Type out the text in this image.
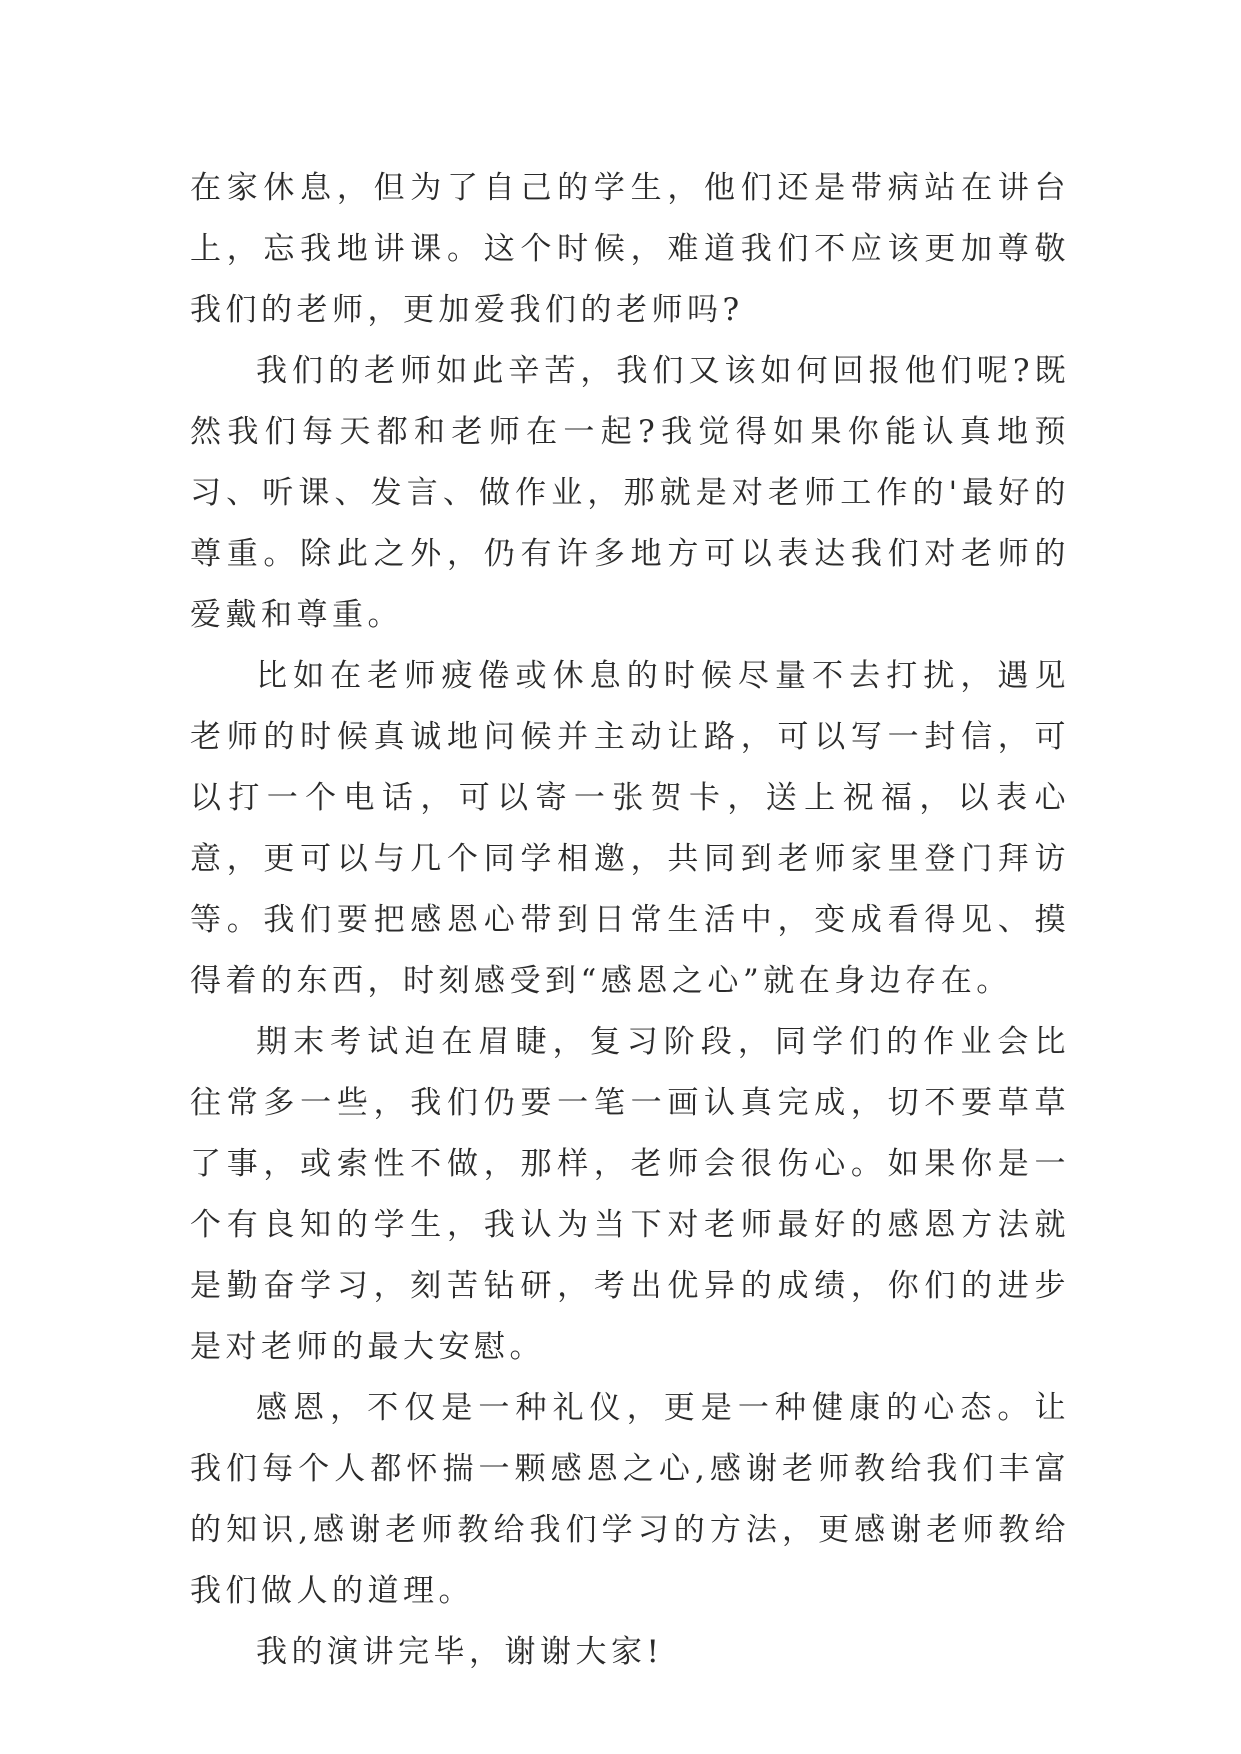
在家休息，但为了自己的学生，他们还是带病站在讲台上，忘我地讲课。这个时候，难道我们不应该更加尊敬我们的老师，更加爱我们的老师吗?

我们的老师如此辛苦，我们又该如何回报他们呢?既然我们每天都和老师在一起?我觉得如果你能认真地预习、听课、发言、做作业，那就是对老师工作的'最好的尊重。除此之外，仍有许多地方可以表达我们对老师的爱戴和尊重。

比如在老师疲倦或休息的时候尽量不去打扰，遇见老师的时候真诚地问候并主动让路，可以写一封信，可以打一个电话，可以寄一张贺卡，送上祝福，以表心意，更可以与几个同学相邀，共同到老师家里登门拜访等。我们要把感恩心带到日常生活中，变成看得见、摸得着的东西，时刻感受到“感恩之心”就在身边存在。

期末考试迫在眉睫，复习阶段，同学们的作业会比往常多一些，我们仍要一笔一画认真完成，切不要草草了事，或索性不做，那样，老师会很伤心。如果你是一个有良知的学生，我认为当下对老师最好的感恩方法就是勤奋学习，刻苦钻研，考出优异的成绩，你们的进步是对老师的最大安慰。

感恩，不仅是一种礼仪，更是一种健康的心态。让我们每个人都怀揣一颗感恩之心,感谢老师教给我们丰富的知识,感谢老师教给我们学习的方法，更感谢老师教给我们做人的道理。

我的演讲完毕，谢谢大家!
